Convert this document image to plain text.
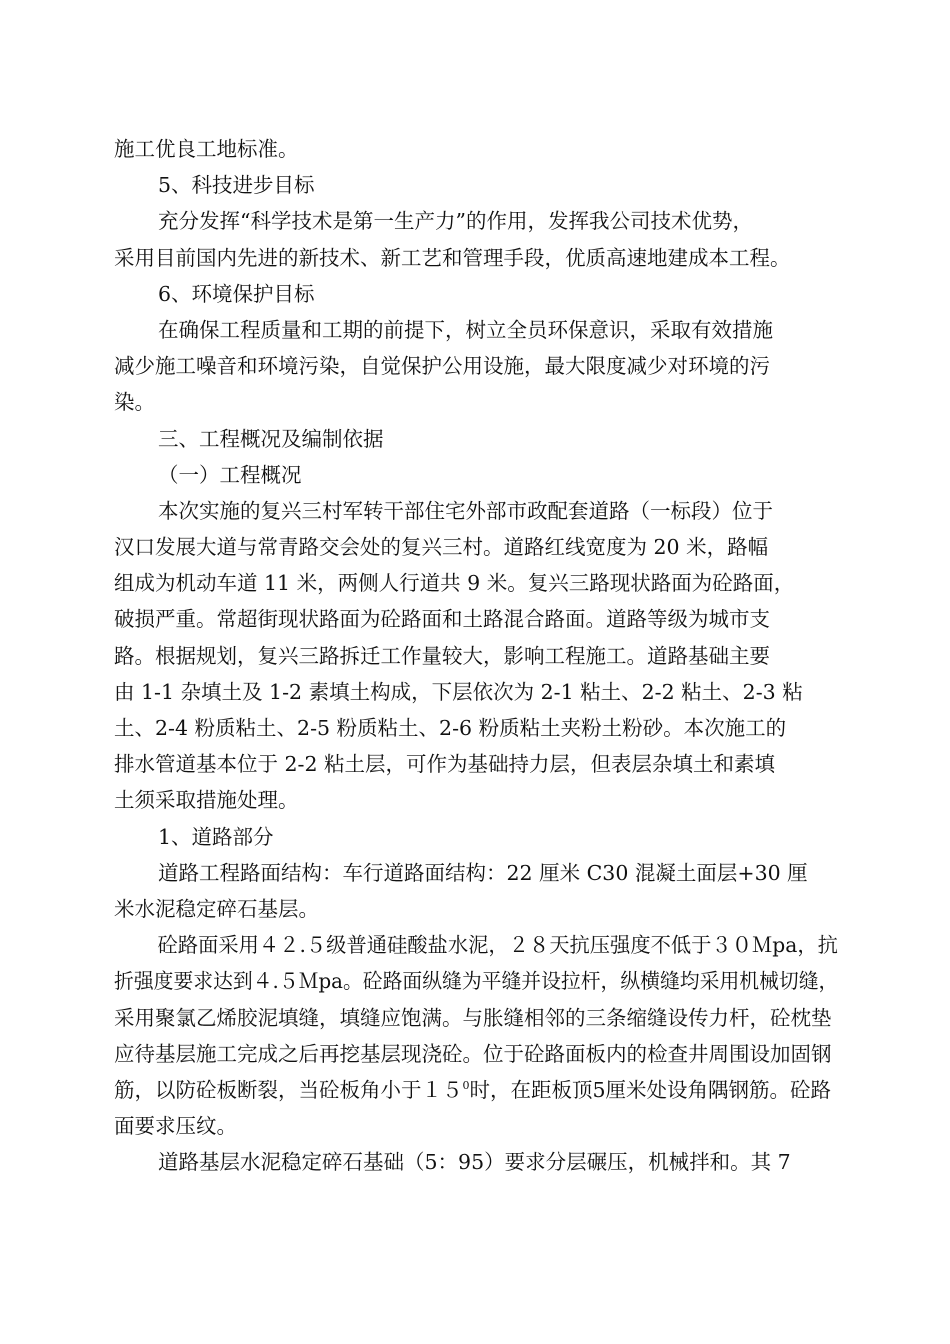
施工优良工地标准。
5、科技进步目标
充分发挥“科学技术是第一生产力”的作用，发挥我公司技术优势，
采用目前国内先进的新技术、新工艺和管理手段，优质高速地建成本工程。
6、环境保护目标
在确保工程质量和工期的前提下，树立全员环保意识，采取有效措施
减少施工噪音和环境污染，自觉保护公用设施，最大限度减少对环境的污
染。
三、工程概况及编制依据
（一）工程概况
本次实施的复兴三村军转干部住宅外部市政配套道路（一标段）位于
汉口发展大道与常青路交会处的复兴三村。道路红线宽度为 20 米，路幅
组成为机动车道 11 米，两侧人行道共 9 米。复兴三路现状路面为砼路面，
破损严重。常超街现状路面为砼路面和土路混合路面。道路等级为城市支
路。根据规划，复兴三路拆迁工作量较大，影响工程施工。道路基础主要
由 1-1 杂填土及 1-2 素填土构成，下层依次为 2-1 粘土、2-2 粘土、2-3 粘
土、2-4 粉质粘土、2-5 粉质粘土、2-6 粉质粘土夹粉土粉砂。本次施工的
排水管道基本位于 2-2 粘土层，可作为基础持力层，但表层杂填土和素填
土须采取措施处理。
1、道路部分
道路工程路面结构：车行道路面结构：22 厘米 C30 混凝土面层+30 厘
米水泥稳定碎石基层。
砼路面采用４２.５级普通硅酸盐水泥，２８天抗压强度不低于３０Ｍpa，抗
折强度要求达到４.５Ｍpa。砼路面纵缝为平缝并设拉杆，纵横缝均采用机械切缝，
采用聚氯乙烯胶泥填缝，填缝应饱满。与胀缝相邻的三条缩缝设传力杆，砼枕垫
应待基层施工完成之后再挖基层现浇砼。位于砼路面板内的检查井周围设加固钢
筋，以防砼板断裂，当砼板角小于$15^0$时，在距板顶5厘米处设角隅钢筋。砼路
面要求压纹。
道路基层水泥稳定碎石基础（5：95）要求分层碾压，机械拌和。其 7
